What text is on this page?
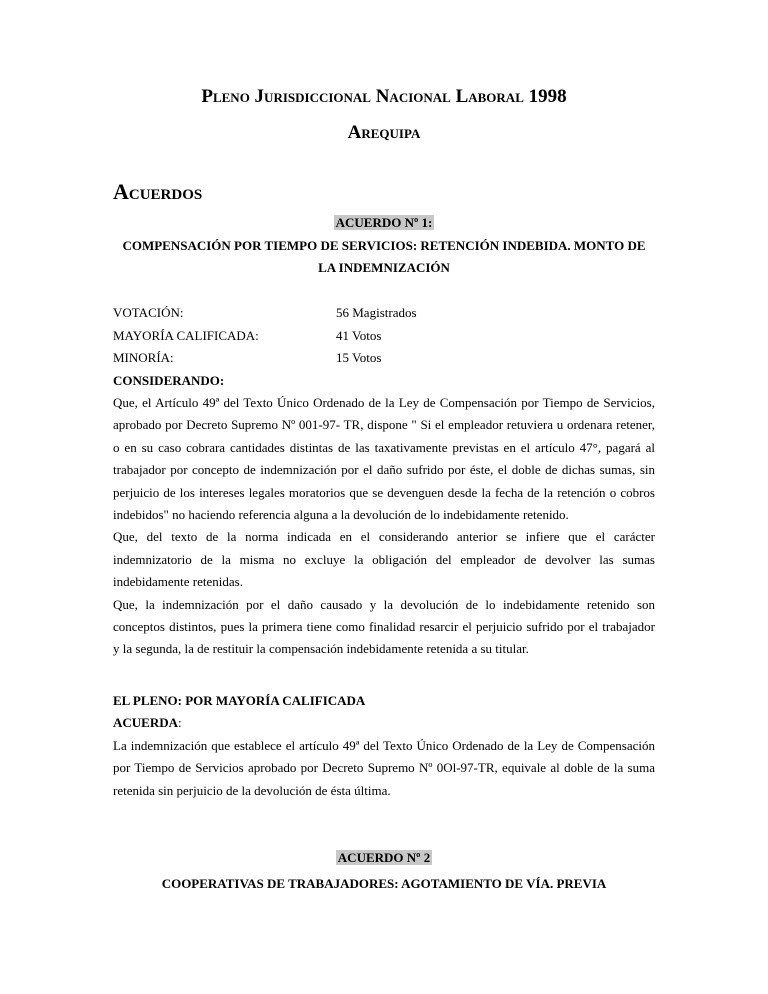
Pleno Jurisdiccional Nacional Laboral 1998
Arequipa
Acuerdos
ACUERDO Nº 1:
COMPENSACIÓN POR TIEMPO DE SERVICIOS: RETENCIÓN INDEBIDA. MONTO DE
LA INDEMNIZACIÓN
VOTACIÓN:	56 Magistrados
MAYORÍA CALIFICADA:	41 Votos
MINORÍA:	15 Votos
CONSIDERANDO:
Que, el Artículo 49ª del Texto Único Ordenado de la Ley de Compensación por Tiempo de Servicios,
aprobado por Decreto Supremo Nº 001-97- TR, dispone " Si el empleador retuviera u ordenara retener,
o en su caso cobrara cantidades distintas de las taxativamente previstas en el artículo 47°, pagará al
trabajador por concepto de indemnización por el daño sufrido por éste, el doble de dichas sumas, sin
perjuicio de los intereses legales moratorios que se devenguen desde la fecha de la retención o cobros
indebidos" no haciendo referencia alguna a la devolución de lo indebidamente retenido.
Que, del texto de la norma indicada en el considerando anterior se infiere que el carácter
indemnizatorio de la misma no excluye la obligación del empleador de devolver las sumas
indebidamente retenidas.
Que, la indemnización por el daño causado y la devolución de lo indebidamente retenido son
conceptos distintos, pues la primera tiene como finalidad resarcir el perjuicio sufrido por el trabajador
y la segunda, la de restituir la compensación indebidamente retenida a su titular.
EL PLENO: POR MAYORÍA CALIFICADA
ACUERDA:
La indemnización que establece el artículo 49ª del Texto Único Ordenado de la Ley de Compensación
por Tiempo de Servicios aprobado por Decreto Supremo Nº 0Ol-97-TR, equivale al doble de la suma
retenida sin perjuicio de la devolución de ésta última.
ACUERDO Nº 2
COOPERATIVAS DE TRABAJADORES: AGOTAMIENTO DE VÍA. PREVIA
